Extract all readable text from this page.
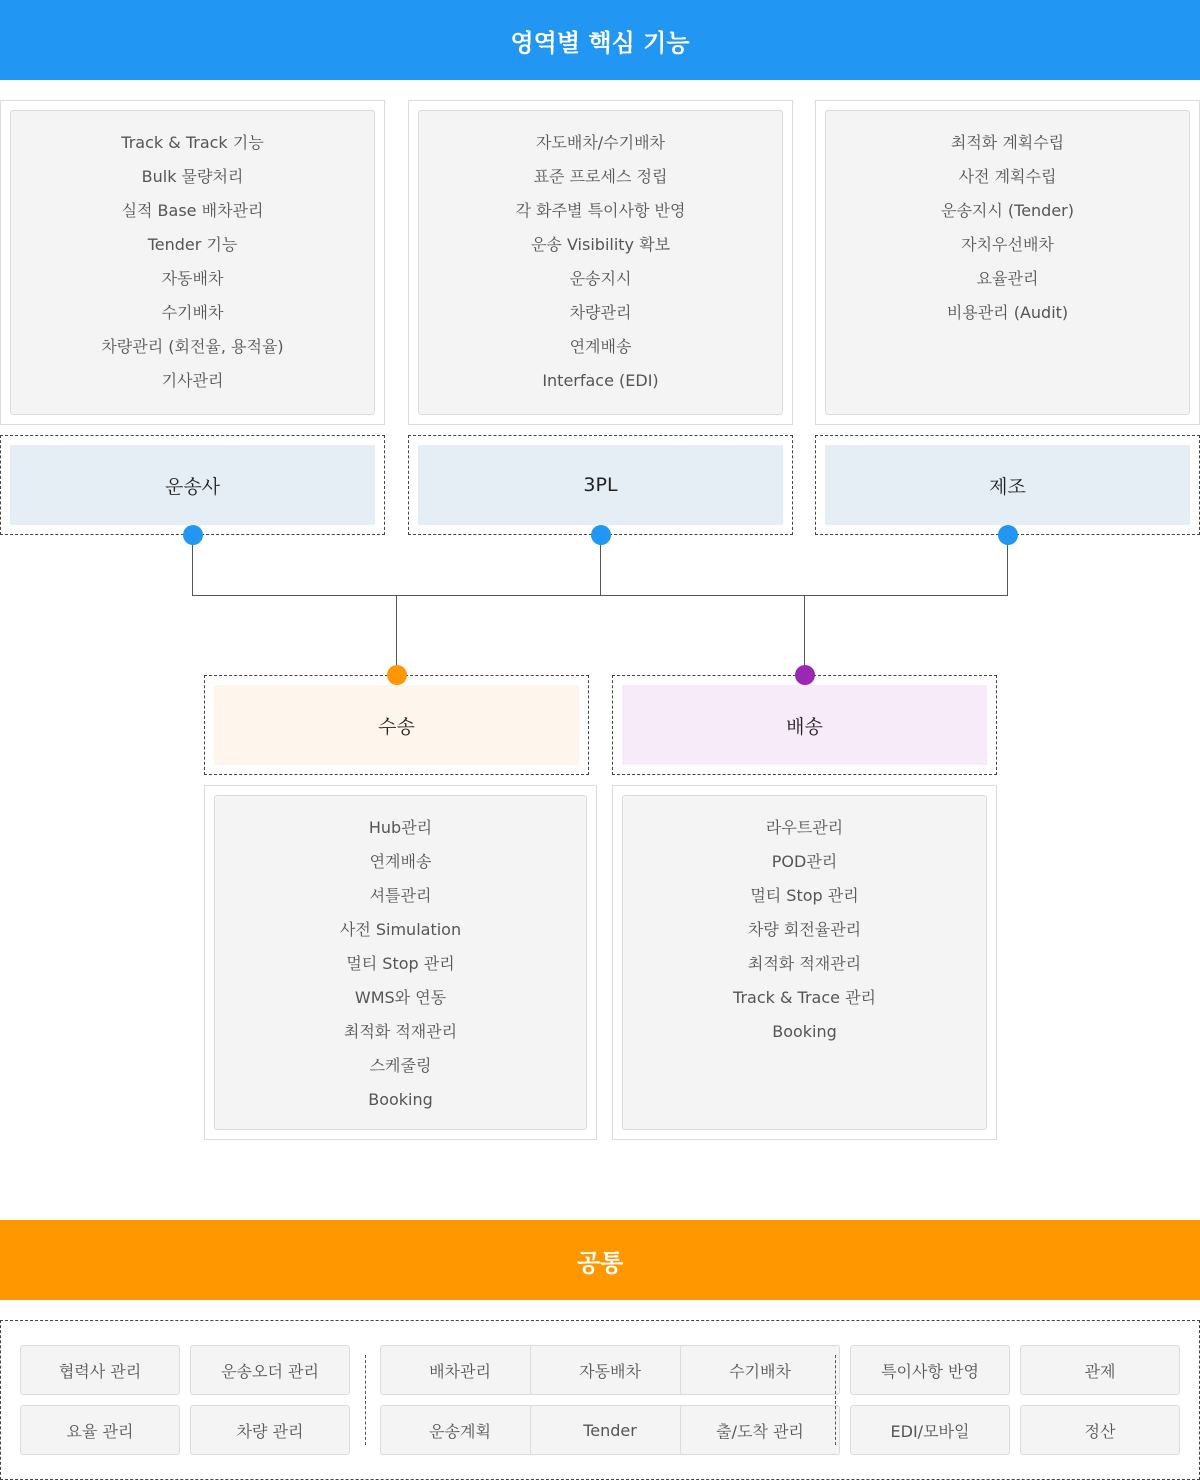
영역별 핵심 기능
Track & Track 기능
Bulk 물량처리
실적 Base 배차관리
Tender 기능
자동배차
수기배차
차량관리 (회전율, 용적율)
기사관리
자도배차/수기배차
표준 프로세스 정립
각 화주별 특이사항 반영
운송 Visibility 확보
운송지시
차량관리
연계배송
Interface (EDI)
최적화 계획수립
사전 계획수립
운송지시 (Tender)
자치우선배차
요율관리
비용관리 (Audit)
운송사	3PL	제조
수송	배송
Hub관리
연계배송
셔틀관리
사전 Simulation
멀티 Stop 관리
WMS와 연동
최적화 적재관리
스케줄링
Booking
라우트관리
POD관리
멀티 Stop 관리
차량 회전율관리
최적화 적재관리
Track & Trace 관리
Booking
공통
협력사 관리	운송오더 관리
요율 관리	차량 관리
배차관리	자동배차	수기배차
운송계획	Tender	출/도착 관리
특이사항 반영	관제
EDI/모바일	정산
